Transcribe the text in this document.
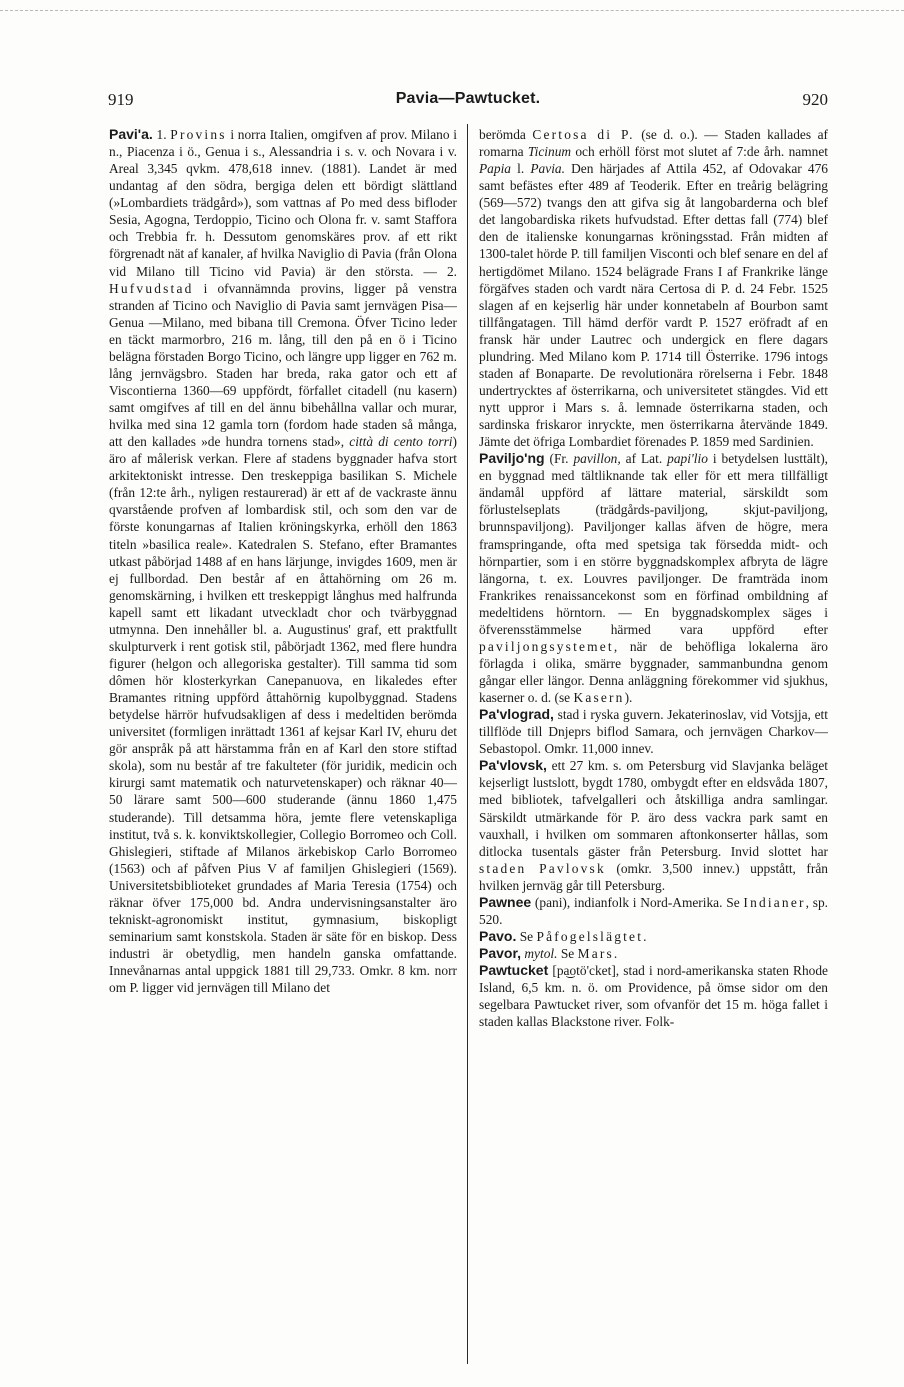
919	Pavia—Pawtucket.	920

Pavi'a. 1. Provins i norra Italien, omgifven af prov. Milano i n., Piacenza i ö., Genua i s., Alessandria i s. v. och Novara i v. Areal 3,345 qvkm. 478,618 innev. (1881). Landet är med undantag af den södra, bergiga delen ett bördigt slättland (»Lombardiets trädgård»), som vattnas af Po med dess biflоder Sesia, Agogna, Terdoppio, Ticino och Olona fr. v. samt Staffora och Trebbia fr. h. Dessutom genomskäres prov. af ett rikt förgrenadt nät af kanaler, af hvilka Naviglio di Pavia (från Olona vid Milano till Ticino vid Pavia) är den största. — 2. Hufvudstad i ofvannämnda provins, ligger på venstra stranden af Ticino och Naviglio di Pavia samt jernvägen Pisa—Genua —Milano, med bibana till Cremona. Öfver Ticino leder en täckt marmorbro, 216 m. lång, till den på en ö i Ticino belägna förstaden Borgo Ticino, och längre upp ligger en 762 m. lång jernvägsbro. Staden har breda, raka gator och ett af Viscontierna 1360—69 uppfördt, förfallet citadell (nu kasern) samt omgifves af till en del ännu bibehållna vallar och murar, hvilka med sina 12 gamla torn (fordom hade staden så många, att den kallades »de hundra tornens stad», città di cento torri) äro af målerisk verkan. Flere af stadens byggnader hafva stort arkitektoniskt intresse. Den treskeppiga basilikan S. Michele (från 12:te årh., nyligen restaurerad) är ett af de vackraste ännu qvarstående profven af lombardisk stil, och som den var de förste konungarnas af Italien kröningskyrka, erhöll den 1863 titeln »basilica reale». Katedralen S. Stefano, efter Bramantes utkast påbörjad 1488 af en hans lärjunge, invigdes 1609, men är ej fullbordad. Den består af en åttahörning om 26 m. genomskärning, i hvilken ett treskeppigt långhus med halfrunda kapell samt ett likadant utveckladt chor och tvärbyggnad utmynna. Den innehåller bl. a. Augustinus' graf, ett praktfullt skulpturverk i rent gotisk stil, påbörjadt 1362, med flere hundra figurer (helgon och allegoriska gestalter). Till samma tid som dômen hör klosterkyrkan Canepanuova, en likaledes efter Bramantes ritning uppförd åttahörnig kupolbyggnad. Stadens betydelse härrör hufvudsakligen af dess i medeltiden berömda universitet (formligen inrättadt 1361 af kejsar Karl IV, ehuru det gör anspråk på att härstamma från en af Karl den store stiftad skola), som nu består af tre fakulteter (för juridik, medicin och kirurgi samt matematik och naturvetenskaper) och räknar 40—50 lärare samt 500—600 studerande (ännu 1860 1,475 studerande). Till detsamma höra, jemte flere vetenskapliga institut, två s. k. konviktskollegier, Collegio Borromeo och Coll. Ghislegieri, stiftade af Milanos ärkebiskop Carlo Borromeo (1563) och af påfven Pius V af familjen Ghislegieri (1569). Universitetsbiblioteket grundades af Maria Teresia (1754) och räknar öfver 175,000 bd. Andra undervisningsanstalter äro tekniskt-agronomiskt institut, gymnasium, biskopligt seminarium samt konstskola. Staden är säte för en biskop. Dess industri är obetydlig, men handeln ganska omfattande. Innevånarnas antal uppgick 1881 till 29,733. Omkr. 8 km. norr om P. ligger vid jernvägen till Milano det

berömda Certosa di P. (se d. o.). — Staden kallades af romarna Ticinum och erhöll först mot slutet af 7:de årh. namnet Papia l. Pavia. Den härjades af Attila 452, af Odovakar 476 samt befästes efter 489 af Teoderik. Efter en treårig belägring (569—572) tvangs den att gifva sig åt langobarderna och blef det langobardiska rikets hufvudstad. Efter dettas fall (774) blef den de italienske konungarnas kröningsstad. Från midten af 1300-talet hörde P. till familjen Visconti och blef senare en del af hertigdömet Milano. 1524 belägrade Frans I af Frankrike länge förgäfves staden och vardt nära Certosa di P. d. 24 Febr. 1525 slagen af en kejserlig här under konnetabeln af Bourbon samt tillfångatagen. Till hämd derför vardt P. 1527 eröfradt af en fransk här under Lautrec och undergick en flere dagars plundring. Med Milano kom P. 1714 till Österrike. 1796 intogs staden af Bonaparte. De revolutionära rörelserna i Febr. 1848 undertrycktes af österrikarna, och universitetet stängdes. Vid ett nytt uppror i Mars s. å. lemnade österrikarna staden, och sardinska friskaror inryckte, men österrikarna återvände 1849. Jämte det öfriga Lombardiet förenades P. 1859 med Sardinien.

Paviljo'ng (Fr. pavillon, af Lat. papi'lio i betydelsen lusttält), en byggnad med tältliknande tak eller för ett mera tillfälligt ändamål uppförd af lättare material, särskildt som förlustelseplats (trädgårds-paviljong, skjut-paviljong, brunnspaviljong). Paviljonger kallas äfven de högre, mera framspringande, ofta med spetsiga tak försedda midt- och hörnpartier, som i en större byggnadskomplex afbryta de lägre längorna, t. ex. Louvres paviljonger. De framträda inom Frankrikes renaissancekonst som en förfinad ombildning af medeltidens hörntorn. — En byggnadskomplex säges i öfverensstämmelse härmed vara uppförd efter paviljongsystemet, när de behöfliga lokalerna äro förlagda i olika, smärre byggnader, sammanbundna genom gångar eller längor. Denna anläggning förekommer vid sjukhus, kaserner o. d. (se Kasern).

Pa'vlograd, stad i ryska guvern. Jekaterinoslav, vid Votsjja, ett tillflöde till Dnjeprs biflod Samara, och jernvägen Charkov—Sebastopol. Omkr. 11,000 innev.

Pa'vlovsk, ett 27 km. s. om Petersburg vid Slavjanka beläget kejserligt lustslott, bygdt 1780, ombygdt efter en eldsvåda 1807, med bibliotek, tafvelgalleri och åtskilliga andra samlingar. Särskildt utmärkande för P. äro dess vackra park samt en vauxhall, i hvilken om sommaren aftonkonserter hållas, som ditlocka tusentals gäster från Petersburg. Invid slottet har staden Pavlovsk (omkr. 3,500 innev.) uppstått, från hvilken jernväg går till Petersburg.

Pawnee (pani), indianfolk i Nord-Amerika. Se Indianer, sp. 520.

Pavo. Se Påfogelslägtet.

Pavor, mytol. Se Mars.

Pawtucket [pa͜otö'cket], stad i nord-amerikanska staten Rhode Island, 6,5 km. n. ö. om Providence, på ömse sidor om den segelbara Pawtucket river, som ofvanför det 15 m. höga fallet i staden kallas Blackstone river. Folk-
